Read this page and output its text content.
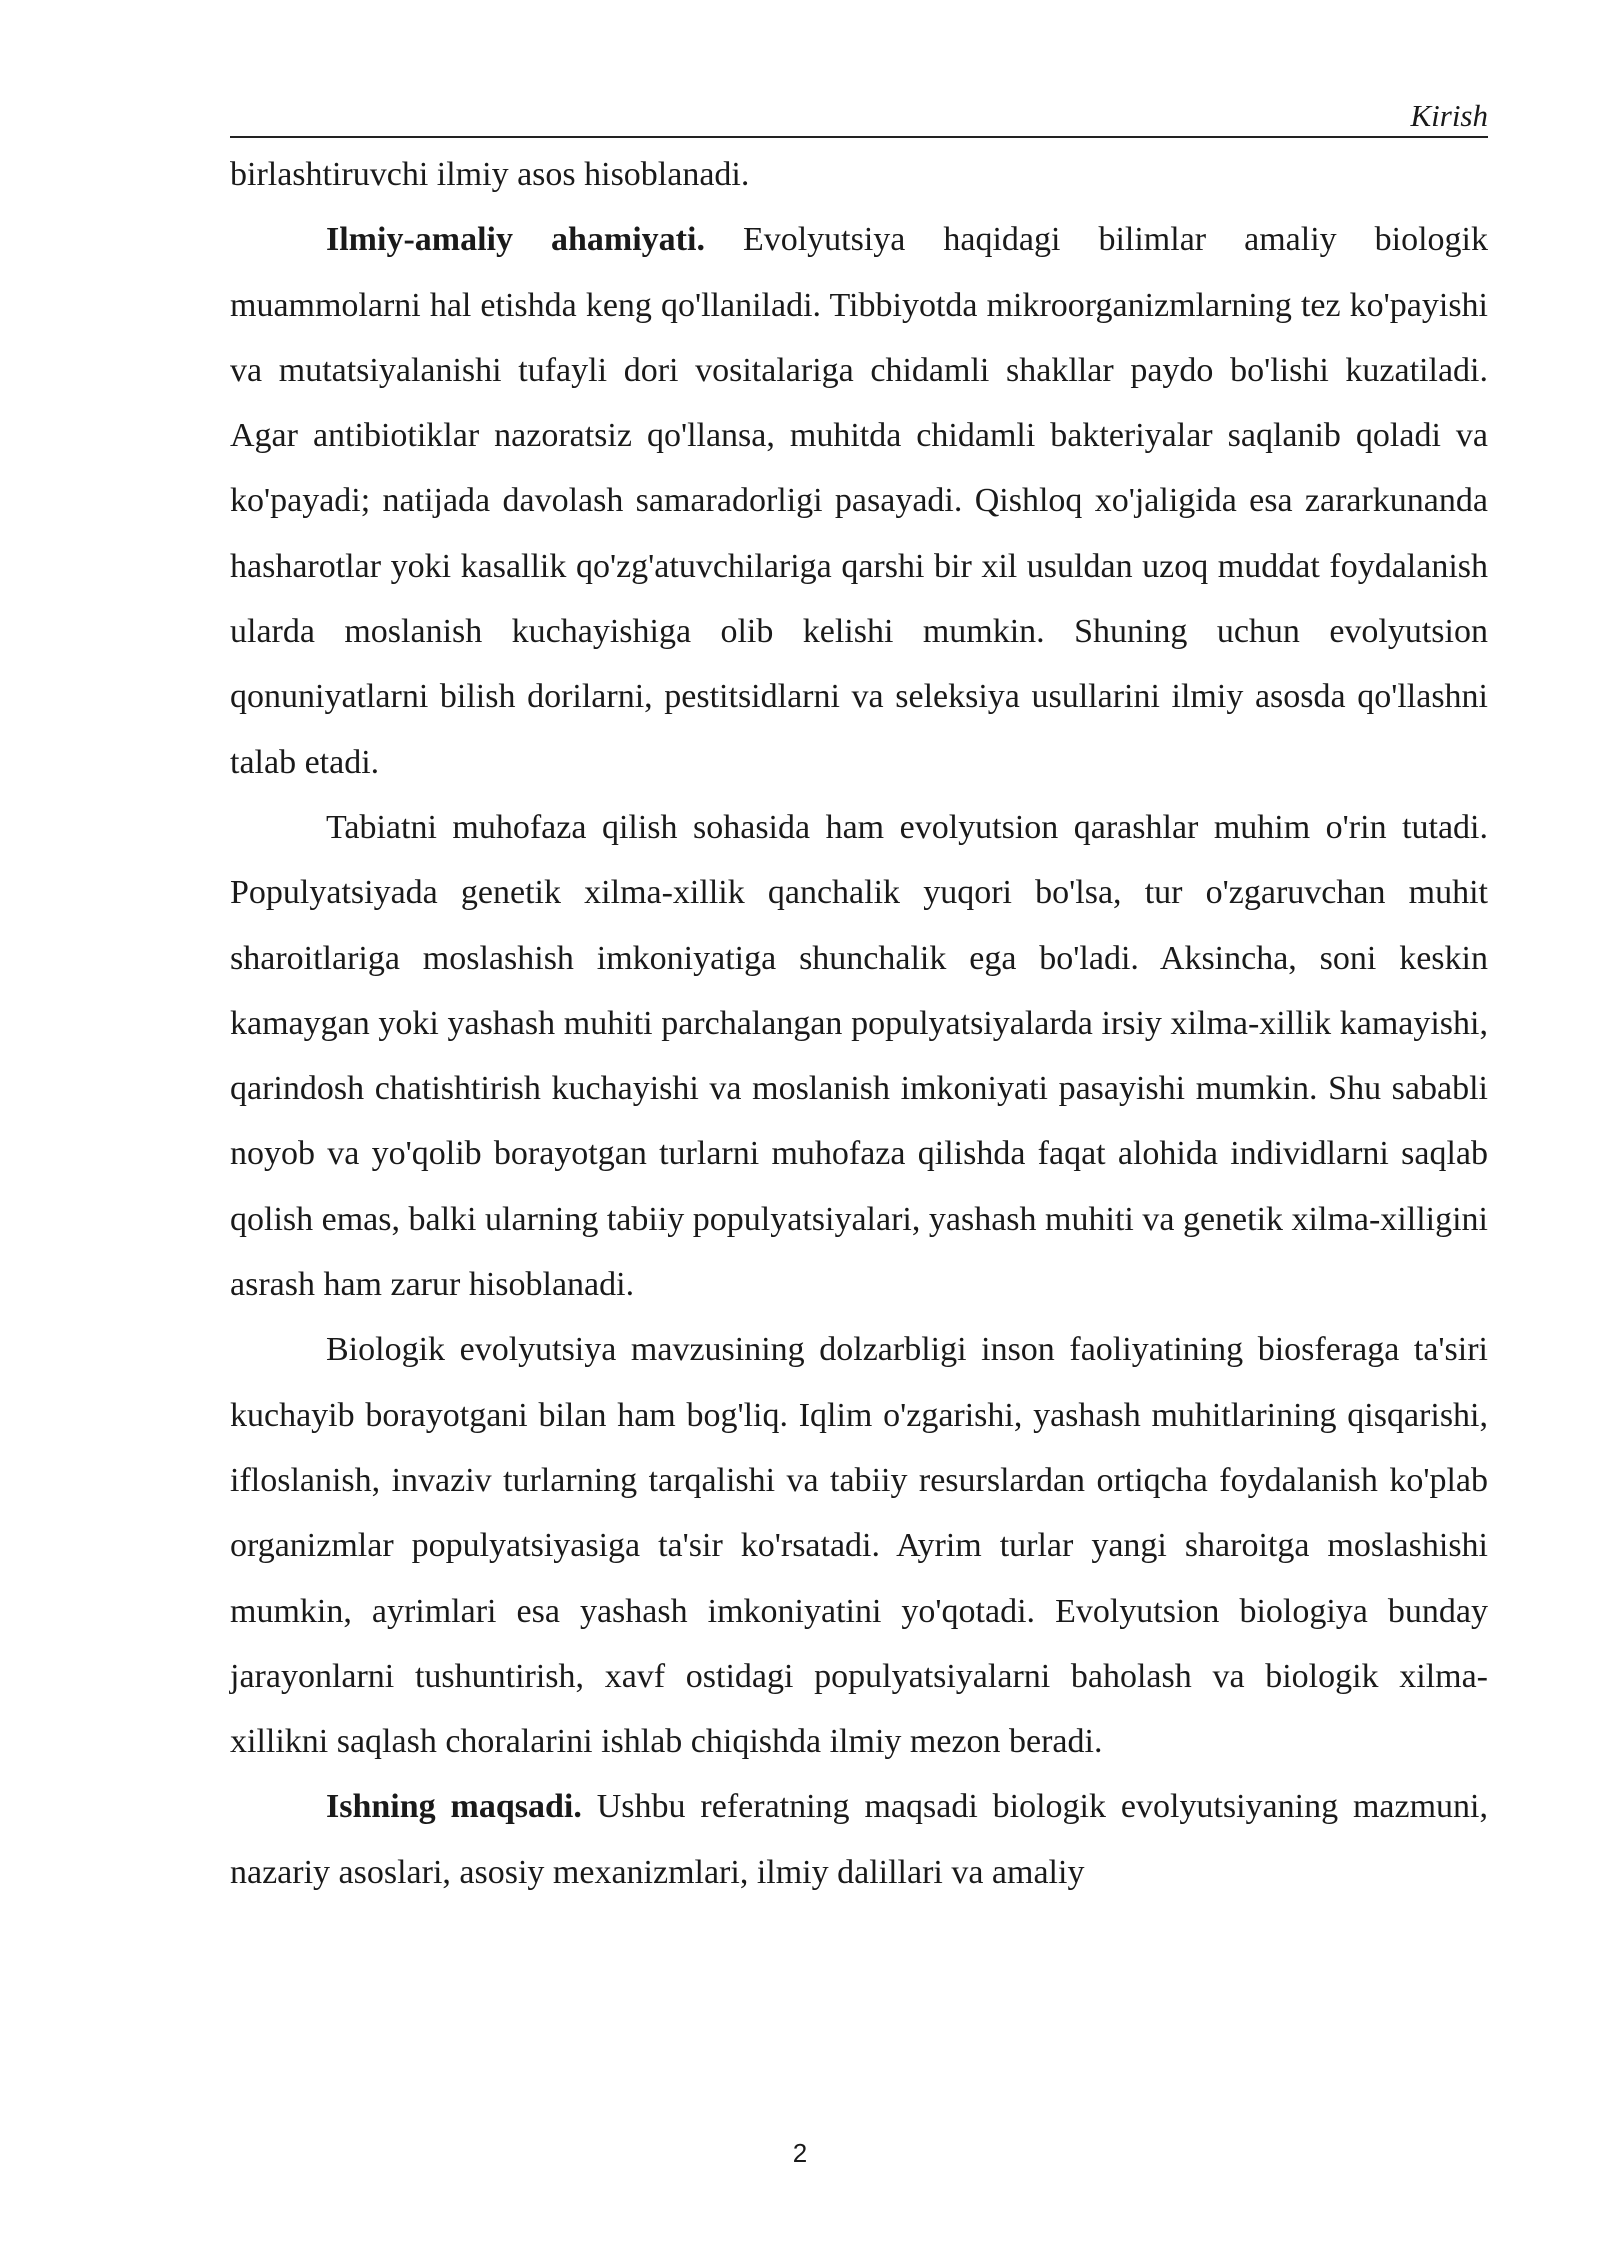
Kirish

birlashtiruvchi ilmiy asos hisoblanadi.

Ilmiy-amaliy ahamiyati. Evolyutsiya haqidagi bilimlar amaliy biologik muammolarni hal etishda keng qo'llaniladi. Tibbiyotda mikroorganizmlarning tez ko'payishi va mutatsiyalanishi tufayli dori vositalariga chidamli shakllar paydo bo'lishi kuzatiladi. Agar antibiotiklar nazoratsiz qo'llansa, muhitda chidamli bakteriyalar saqlanib qoladi va ko'payadi; natijada davolash samaradorligi pasayadi. Qishloq xo'jaligida esa zararkunanda hasharotlar yoki kasallik qo'zg'atuvchilariga qarshi bir xil usuldan uzoq muddat foydalanish ularda moslanish kuchayishiga olib kelishi mumkin. Shuning uchun evolyutsion qonuniyatlarni bilish dorilarni, pestitsidlarni va seleksiya usullarini ilmiy asosda qo'llashni talab etadi.

Tabiatni muhofaza qilish sohasida ham evolyutsion qarashlar muhim o'rin tutadi. Populyatsiyada genetik xilma-xillik qanchalik yuqori bo'lsa, tur o'zgaruvchan muhit sharoitlariga moslashish imkoniyatiga shunchalik ega bo'ladi. Aksincha, soni keskin kamaygan yoki yashash muhiti parchalangan populyatsiyalarda irsiy xilma-xillik kamayishi, qarindosh chatishtirish kuchayishi va moslanish imkoniyati pasayishi mumkin. Shu sababli noyob va yo'qolib borayotgan turlarni muhofaza qilishda faqat alohida individlarni saqlab qolish emas, balki ularning tabiiy populyatsiyalari, yashash muhiti va genetik xilma-xilligini asrash ham zarur hisoblanadi.

Biologik evolyutsiya mavzusining dolzarbligi inson faoliyatining biosferaga ta'siri kuchayib borayotgani bilan ham bog'liq. Iqlim o'zgarishi, yashash muhitlarining qisqarishi, ifloslanish, invaziv turlarning tarqalishi va tabiiy resurslardan ortiqcha foydalanish ko'plab organizmlar populyatsiyasiga ta'sir ko'rsatadi. Ayrim turlar yangi sharoitga moslashishi mumkin, ayrimlari esa yashash imkoniyatini yo'qotadi. Evolyutsion biologiya bunday jarayonlarni tushuntirish, xavf ostidagi populyatsiyalarni baholash va biologik xilma-xillikni saqlash choralarini ishlab chiqishda ilmiy mezon beradi.

Ishning maqsadi. Ushbu referatning maqsadi biologik evolyutsiyaning mazmuni, nazariy asoslari, asosiy mexanizmlari, ilmiy dalillari va amaliy

2
